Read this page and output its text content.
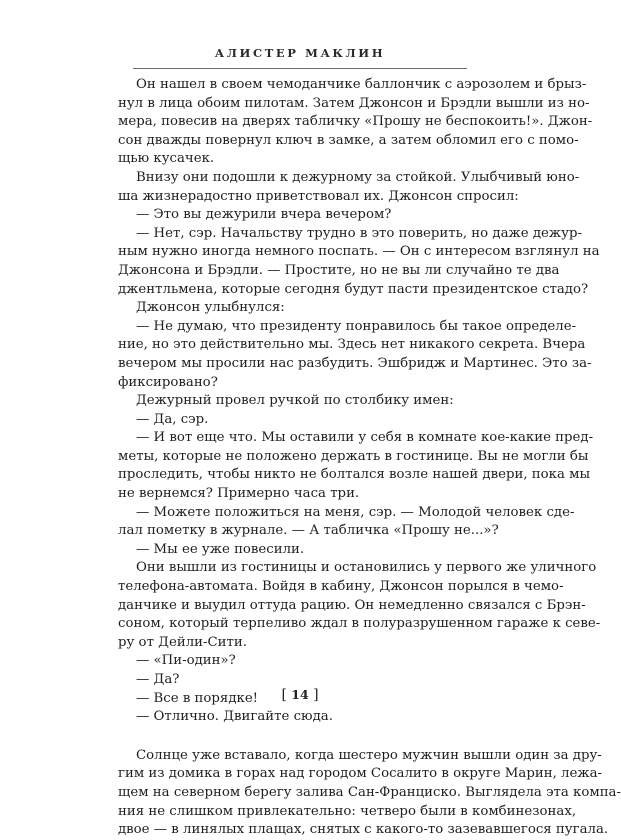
АЛИСТЕР МАКЛИН
Он нашел в своем чемоданчике баллончик с аэрозолем и брыз-
нул в лица обоим пилотам. Затем Джонсон и Брэдли вышли из но-
мера, повесив на дверях табличку «Прошу не беспокоить!». Джон-
сон дважды повернул ключ в замке, а затем обломил его с помо-
щью кусачек.
Внизу они подошли к дежурному за стойкой. Улыбчивый юно-
ша жизнерадостно приветствовал их. Джонсон спросил:
— Это вы дежурили вчера вечером?
— Нет, сэр. Начальству трудно в это поверить, но даже дежур-
ным нужно иногда немного поспать. — Он с интересом взглянул на
Джонсона и Брэдли. — Простите, но не вы ли случайно те два
джентльмена, которые сегодня будут пасти президентское стадо?
Джонсон улыбнулся:
— Не думаю, что президенту понравилось бы такое определе-
ние, но это действительно мы. Здесь нет никакого секрета. Вчера
вечером мы просили нас разбудить. Эшбридж и Мартинес. Это за-
фиксировано?
Дежурный провел ручкой по столбику имен:
— Да, сэр.
— И вот еще что. Мы оставили у себя в комнате кое-какие пред-
меты, которые не положено держать в гостинице. Вы не могли бы
проследить, чтобы никто не болтался возле нашей двери, пока мы
не вернемся? Примерно часа три.
— Можете положиться на меня, сэр. — Молодой человек сде-
лал пометку в журнале. — А табличка «Прошу не...»?
— Мы ее уже повесили.
Они вышли из гостиницы и остановились у первого же уличного
телефона-автомата. Войдя в кабину, Джонсон порылся в чемо-
данчике и выудил оттуда рацию. Он немедленно связался с Брэн-
соном, который терпеливо ждал в полуразрушенном гараже к севе-
ру от Дейли-Сити.
— «Пи-один»?
— Да?
— Все в порядке!
— Отлично. Двигайте сюда.
Солнце уже вставало, когда шестеро мужчин вышли один за дру-
гим из домика в горах над городом Сосалито в округе Марин, лежа-
щем на северном берегу залива Сан-Франциско. Выглядела эта компа-
ния не слишком привлекательно: четверо были в комбинезонах,
двое — в линялых плащах, снятых с какого-то зазевавшегося пугала.
[ 14 ]
